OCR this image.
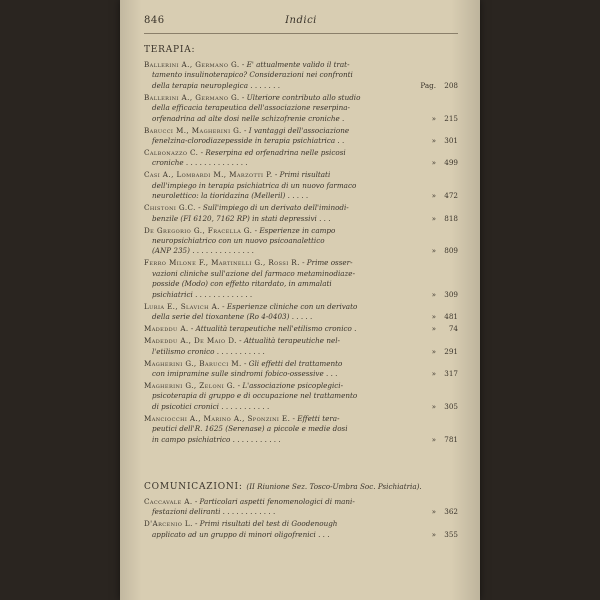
846	Indici
TERAPIA:
Ballerini A., Germano G. - E' attualmente valido il trat-
tamento insulinoterapico? Considerazioni nei confronti
della terapia neuroplegica . . . . . . .	Pag. 208
Ballerini A., Germano G. - Ulteriore contributo allo studio
della efficacia terapeutica dell'associazione reserpina-
orfenadrina ad alte dosi nelle schizofrenie croniche .	» 215
Barucci M., Magherini G. - I vantaggi dell'associazione
fenelzina-clorodiazepesside in terapia psichiatrica . .	» 301
Calbonazzo C. - Reserpina ed orfenadrina nelle psicosi
croniche . . . . . . . . . . . . . .	» 499
Casi A., Lombardi M., Marzotti P. - Primi risultati
dell'impiego in terapia psichiatrica di un nuovo farmaco
neurolettico: la tioridazina (Melleril) . . . . .	» 472
Chistoni G.C. - Sull'impiego di un derivato dell'iminodi-
benzile (FI 6120, 7162 RP) in stati depressivi . . .	» 818
De Gregorio G., Fracella G. - Esperienze in campo
neuropsichiatrico con un nuovo psicoanalettico
(ANP 235) . . . . . . . . . . . . . .	» 809
Ferro Milone F., Martinelli G., Rossi R. - Prime osser-
vazioni cliniche sull'azione del farmaco metaminodiaze-
posside (Modo) con effetto ritardato, in ammalati
psichiatrici . . . . . . . . . . . . .	» 309
Luria E., Slavich A. - Esperienze cliniche con un derivato
della serie del tioxantene (Ro 4-0403) . . . . .	» 481
Madeddu A. - Attualità terapeutiche nell'etilismo cronico .	» 74
Madeddu A., De Maio D. - Attualità terapeutiche nel-
l'etilismo cronico . . . . . . . . . . .	» 291
Magherini G., Barucci M. - Gli effetti del trattamento
con imipramine sulle sindromi fobico-ossessive . . .	» 317
Magherini G., Zeloni G. - L'associazione psicoplegici-
psicoterapia di gruppo e di occupazione nel trattamento
di psicotici cronici . . . . . . . . . . .	» 305
Manciocchi A., Marino A., Sponzini E. - Effetti tera-
peutici dell'R. 1625 (Serenase) a piccole e medie dosi
in campo psichiatrico . . . . . . . . . . .	» 781
COMUNICAZIONI: (II Riunione Sez. Tosco-Umbra Soc. Psichiatria).
Caccavale A. - Particolari aspetti fenomenologici di mani-
festazioni deliranti . . . . . . . . . . . .	» 362
D'Arcenio L. - Primi risultati del test di Goodenough
applicato ad un gruppo di minori oligofrenici . . .	» 355
